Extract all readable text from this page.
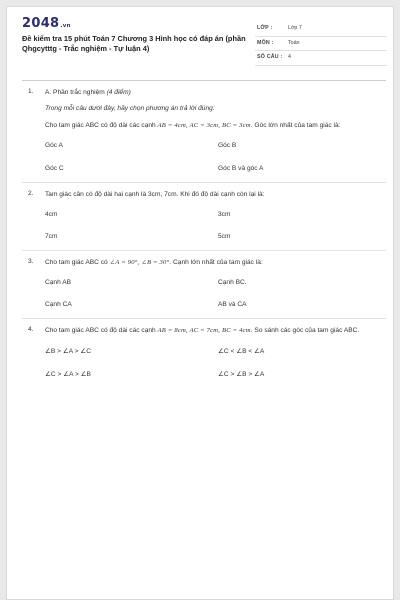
2048.vn
Đề kiểm tra 15 phút Toán 7 Chương 3 Hình học có đáp án (phần Qhgcytttg - Trắc nghiệm - Tự luận 4)
LỚP :	Lớp 7
MÔN :	Toán
SỐ CÂU : 4
1. A. Phần trắc nghiệm (4 điểm)
Trong mỗi câu dưới đây, hãy chọn phương án trả lời đúng:
Cho tam giác ABC có độ dài các cạnh AB = 4cm, AC = 3cm, BC = 3cm. Góc lớn nhất của tam giác là:
Góc A	Góc B
Góc C	Góc B và góc A
2. Tam giác cân có độ dài hai cạnh là 3cm, 7cm. Khi đó độ dài cạnh còn lại là:
4cm	3cm
7cm	5cm
3. Cho tam giác ABC có ∠A = 90°, ∠B = 30°. Cạnh lớn nhất của tam giác là:
Cạnh AB	Cạnh BC.
Cạnh CA	AB và CA
4. Cho tam giác ABC có độ dài các cạnh AB = 8cm, AC = 7cm, BC = 4cm. So sánh các góc của tam giác ABC.
∠B > ∠A > ∠C	∠C < ∠B < ∠A
∠C > ∠A > ∠B	∠C > ∠B > ∠A
